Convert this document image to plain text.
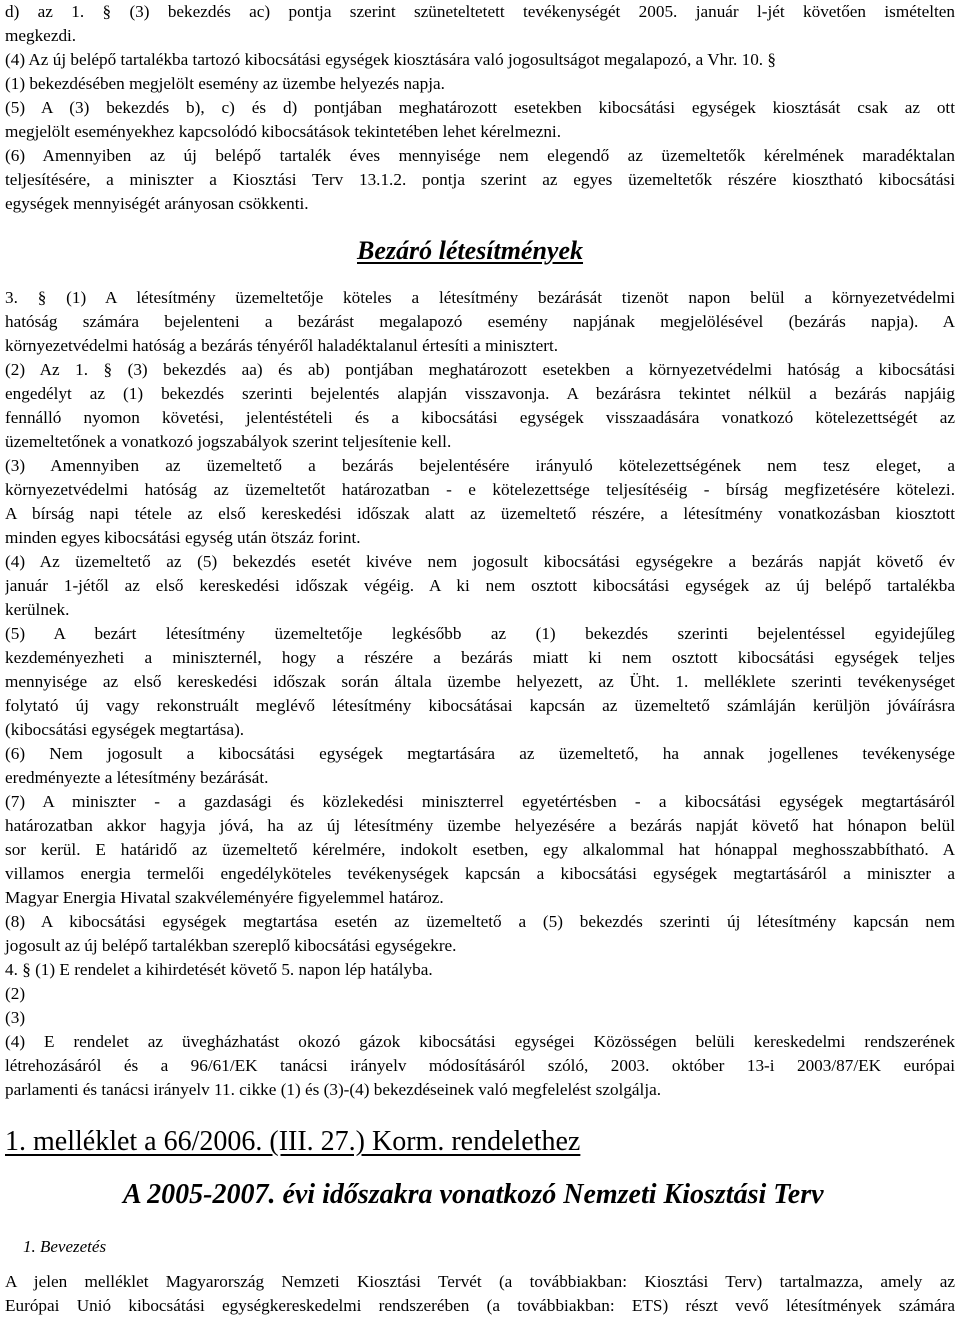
d) az 1. § (3) bekezdés ac) pontja szerint szüneteltetett tevékenységét 2005. január l-jét követően ismételten
megkezdi.
(4) Az új belépő tartalékba tartozó kibocsátási egységek kiosztására való jogosultságot megalapozó, a Vhr. 10. §
(1) bekezdésében megjelölt esemény az üzembe helyezés napja.
(5) A (3) bekezdés b), c) és d) pontjában meghatározott esetekben kibocsátási egységek kiosztását csak az ott
megjelölt eseményekhez kapcsolódó kibocsátások tekintetében lehet kérelmezni.
(6) Amennyiben az új belépő tartalék éves mennyisége nem elegendő az üzemeltetők kérelmének maradéktalan
teljesítésére, a miniszter a Kiosztási Terv 13.1.2. pontja szerint az egyes üzemeltetők részére kiosztható kibocsátási
egységek mennyiségét arányosan csökkenti.
Bezáró létesítmények
3. § (1) A létesítmény üzemeltetője köteles a létesítmény bezárását tizenöt napon belül a környezetvédelmi
hatóság számára bejelenteni a bezárást megalapozó esemény napjának megjelölésével (bezárás napja). A
környezetvédelmi hatóság a bezárás tényéről haladéktalanul értesíti a minisztert.
(2) Az 1. § (3) bekezdés aa) és ab) pontjában meghatározott esetekben a környezetvédelmi hatóság a kibocsátási
engedélyt az (1) bekezdés szerinti bejelentés alapján visszavonja. A bezárásra tekintet nélkül a bezárás napjáig
fennálló nyomon követési, jelentéstételi és a kibocsátási egységek visszaadására vonatkozó kötelezettségét az
üzemeltetőnek a vonatkozó jogszabályok szerint teljesítenie kell.
(3) Amennyiben az üzemeltető a bezárás bejelentésére irányuló kötelezettségének nem tesz eleget, a
környezetvédelmi hatóság az üzemeltetőt határozatban - e kötelezettsége teljesítéséig - bírság megfizetésére kötelezi.
A bírság napi tétele az első kereskedési időszak alatt az üzemeltető részére, a létesítmény vonatkozásban kiosztott
minden egyes kibocsátási egység után ötszáz forint.
(4) Az üzemeltető az (5) bekezdés esetét kivéve nem jogosult kibocsátási egységekre a bezárás napját követő év
január 1-jétől az első kereskedési időszak végéig. A ki nem osztott kibocsátási egységek az új belépő tartalékba
kerülnek.
(5) A bezárt létesítmény üzemeltetője legkésőbb az (1) bekezdés szerinti bejelentéssel egyidejűleg
kezdeményezheti a miniszternél, hogy a részére a bezárás miatt ki nem osztott kibocsátási egységek teljes
mennyisége az első kereskedési időszak során általa üzembe helyezett, az Üht. 1. melléklete szerinti tevékenységet
folytató új vagy rekonstruált meglévő létesítmény kibocsátásai kapcsán az üzemeltető számláján kerüljön jóváírásra
(kibocsátási egységek megtartása).
(6) Nem jogosult a kibocsátási egységek megtartására az üzemeltető, ha annak jogellenes tevékenysége
eredményezte a létesítmény bezárását.
(7) A miniszter - a gazdasági és közlekedési miniszterrel egyetértésben - a kibocsátási egységek megtartásáról
határozatban akkor hagyja jóvá, ha az új létesítmény üzembe helyezésére a bezárás napját követő hat hónapon belül
sor kerül. E határidő az üzemeltető kérelmére, indokolt esetben, egy alkalommal hat hónappal meghosszabbítható. A
villamos energia termelői engedélyköteles tevékenységek kapcsán a kibocsátási egységek megtartásáról a miniszter a
Magyar Energia Hivatal szakvéleményére figyelemmel határoz.
(8) A kibocsátási egységek megtartása esetén az üzemeltető a (5) bekezdés szerinti új létesítmény kapcsán nem
jogosult az új belépő tartalékban szereplő kibocsátási egységekre.
4. § (1) E rendelet a kihirdetését követő 5. napon lép hatályba.
(2)
(3)
(4) E rendelet az üvegházhatást okozó gázok kibocsátási egységei Közösségen belüli kereskedelmi rendszerének
létrehozásáról és a 96/61/EK tanácsi irányelv módosításáról szóló, 2003. október 13-i 2003/87/EK európai
parlamenti és tanácsi irányelv 11. cikke (1) és (3)-(4) bekezdéseinek való megfelelést szolgálja.
1. melléklet a 66/2006. (III. 27.) Korm. rendelethez
A 2005-2007. évi időszakra vonatkozó Nemzeti Kiosztási Terv
1. Bevezetés
A jelen melléklet Magyarország Nemzeti Kiosztási Tervét (a továbbiakban: Kiosztási Terv) tartalmazza, amely az
Európai Unió kibocsátási egységkereskedelmi rendszerében (a továbbiakban: ETS) részt vevő létesítmények számára
